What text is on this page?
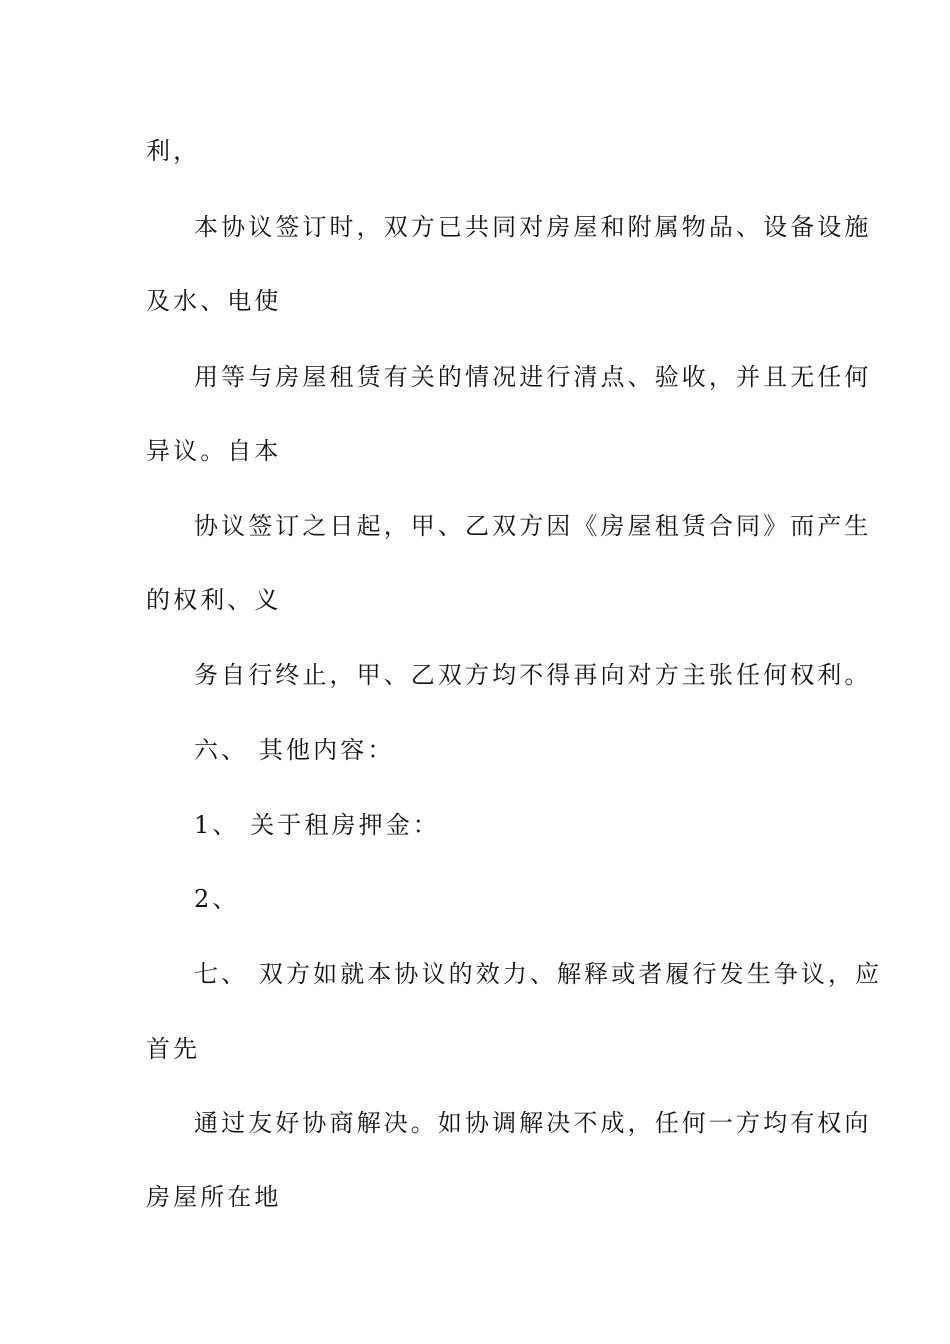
利，
本协议签订时，双方已共同对房屋和附属物品、设备设施
及水、电使
用等与房屋租赁有关的情况进行清点、验收，并且无任何
异议。自本
协议签订之日起，甲、乙双方因《房屋租赁合同》而产生
的权利、义
务自行终止，甲、乙双方均不得再向对方主张任何权利。
六、 其他内容：
1、 关于租房押金：
2、
七、 双方如就本协议的效力、解释或者履行发生争议，应
首先
通过友好协商解决。如协调解决不成，任何一方均有权向
房屋所在地
